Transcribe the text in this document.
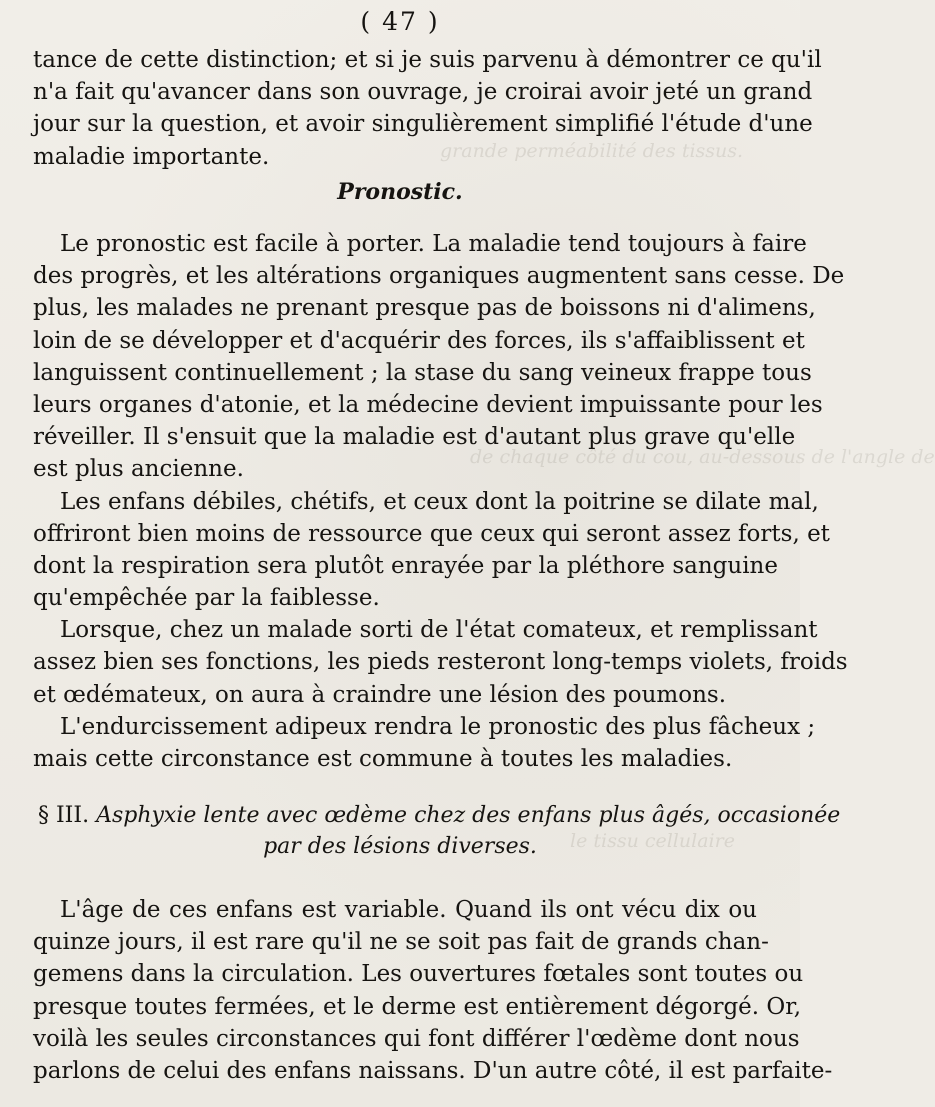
grande perméabilité des tissus.
de chaque côté du cou, au-dessous de l'angle de
le tissu cellulaire
( 47 )
tance de cette distinction; et si je suis parvenu à démontrer ce qu'il
n'a fait qu'avancer dans son ouvrage, je croirai avoir jeté un grand
jour sur la question, et avoir singulièrement simplifié l'étude d'une
maladie importante.
Pronostic.
Le pronostic est facile à porter. La maladie tend toujours à faire
des progrès, et les altérations organiques augmentent sans cesse. De
plus, les malades ne prenant presque pas de boissons ni d'alimens,
loin de se développer et d'acquérir des forces, ils s'affaiblissent et
languissent continuellement ; la stase du sang veineux frappe tous
leurs organes d'atonie, et la médecine devient impuissante pour les
réveiller. Il s'ensuit que la maladie est d'autant plus grave qu'elle
est plus ancienne.
Les enfans débiles, chétifs, et ceux dont la poitrine se dilate mal,
offriront bien moins de ressource que ceux qui seront assez forts, et
dont la respiration sera plutôt enrayée par la pléthore sanguine
qu'empêchée par la faiblesse.
Lorsque, chez un malade sorti de l'état comateux, et remplissant
assez bien ses fonctions, les pieds resteront long-temps violets, froids
et œdémateux, on aura à craindre une lésion des poumons.
L'endurcissement adipeux rendra le pronostic des plus fâcheux ;
mais cette circonstance est commune à toutes les maladies.
§ III. Asphyxie lente avec œdème chez des enfans plus âgés, occasionée
par des lésions diverses.
L'âge de ces enfans est variable. Quand ils ont vécu dix ou
quinze jours, il est rare qu'il ne se soit pas fait de grands chan-
gemens dans la circulation. Les ouvertures fœtales sont toutes ou
presque toutes fermées, et le derme est entièrement dégorgé. Or,
voilà les seules circonstances qui font différer l'œdème dont nous
parlons de celui des enfans naissans. D'un autre côté, il est parfaite-
